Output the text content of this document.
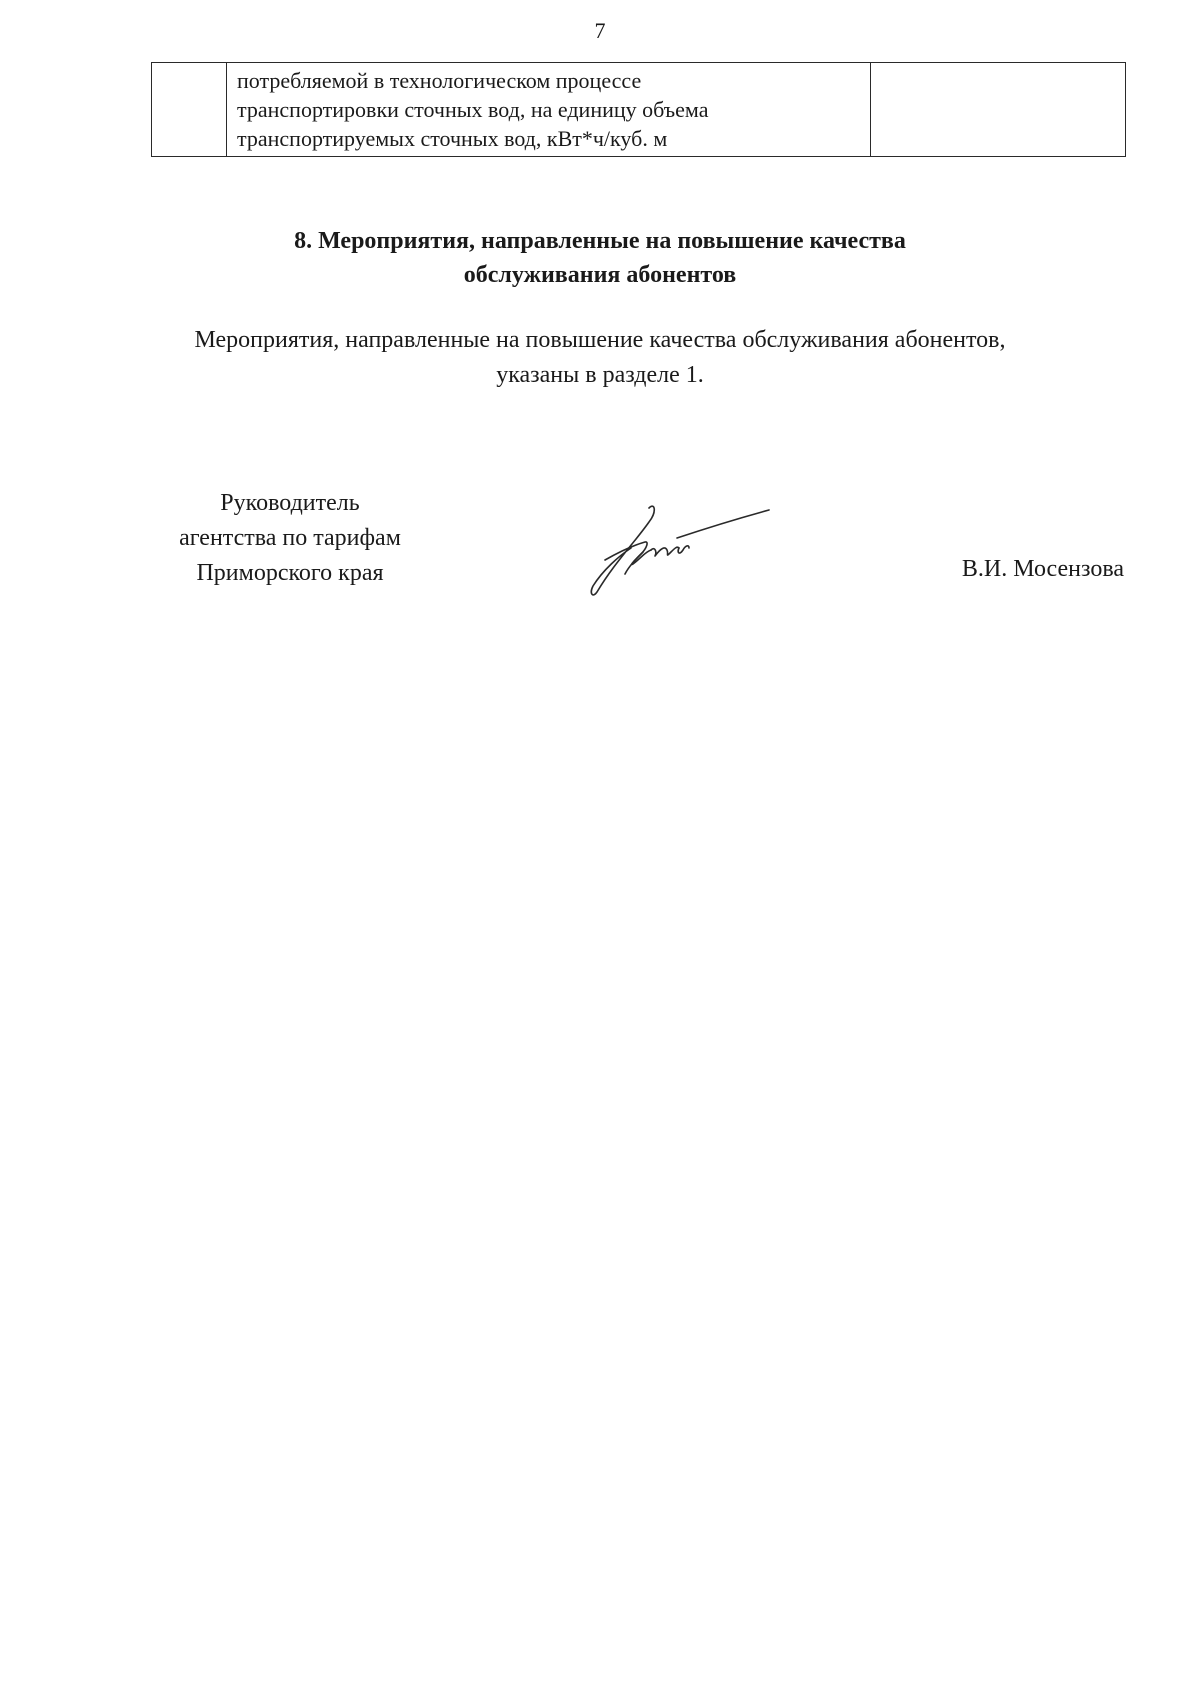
7

потребляемой в технологическом процессе
транспортировки сточных вод, на единицу объема
транспортируемых сточных вод, кВт*ч/куб. м

8. Мероприятия, направленные на повышение качества
обслуживания абонентов
Мероприятия, направленные на повышение качества обслуживания абонентов,
указаны в разделе 1.
Руководитель
агентства по тарифам
Приморского края	В.И. Мосензова
